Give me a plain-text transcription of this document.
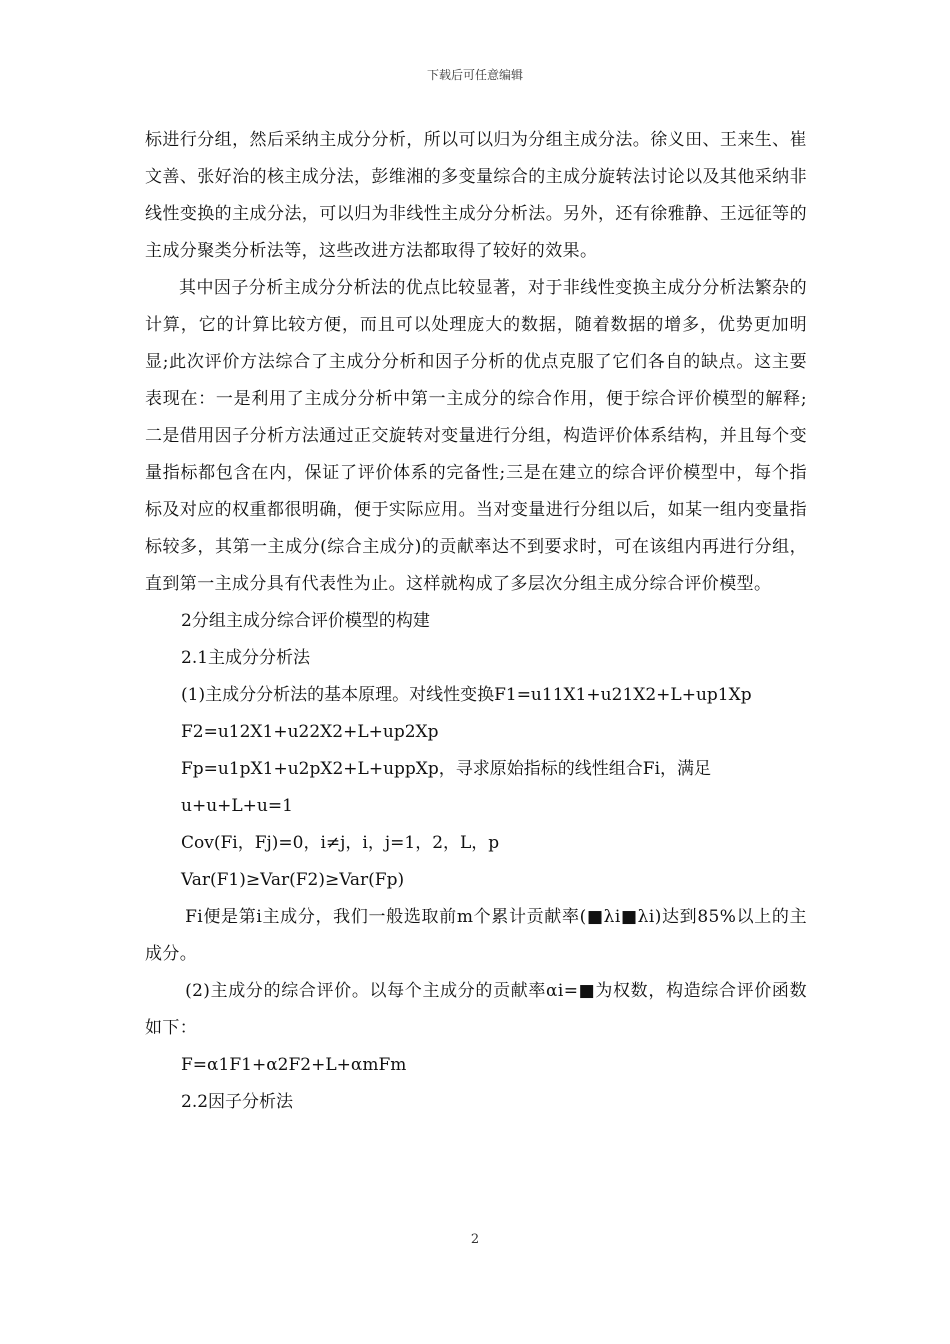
下载后可任意编辑

标进行分组，然后采纳主成分分析，所以可以归为分组主成分法。徐义田、王来生、崔文善、张好治的核主成分法，彭维湘的多变量综合的主成分旋转法讨论以及其他采纳非线性变换的主成分法，可以归为非线性主成分分析法。另外，还有徐雅静、王远征等的主成分聚类分析法等，这些改进方法都取得了较好的效果。

其中因子分析主成分分析法的优点比较显著，对于非线性变换主成分分析法繁杂的计算，它的计算比较方便，而且可以处理庞大的数据，随着数据的增多，优势更加明显;此次评价方法综合了主成分分析和因子分析的优点克服了它们各自的缺点。这主要表现在：一是利用了主成分分析中第一主成分的综合作用，便于综合评价模型的解释;二是借用因子分析方法通过正交旋转对变量进行分组，构造评价体系结构，并且每个变量指标都包含在内，保证了评价体系的完备性;三是在建立的综合评价模型中，每个指标及对应的权重都很明确，便于实际应用。当对变量进行分组以后，如某一组内变量指标较多，其第一主成分(综合主成分)的贡献率达不到要求时，可在该组内再进行分组，直到第一主成分具有代表性为止。这样就构成了多层次分组主成分综合评价模型。

2分组主成分综合评价模型的构建

2.1主成分分析法

(1)主成分分析法的基本原理。对线性变换F1=u11X1+u21X2+L+up1Xp

F2=u12X1+u22X2+L+up2Xp

Fp=u1pX1+u2pX2+L+uppXp，寻求原始指标的线性组合Fi，满足

u+u+L+u=1

Cov(Fi，Fj)=0，i≠j，i，j=1，2，L，p

Var(F1)≥Var(F2)≥Var(Fp)

Fi便是第i主成分，我们一般选取前m个累计贡献率(■λi■λi)达到85%以上的主成分。

(2)主成分的综合评价。以每个主成分的贡献率αi=■为权数，构造综合评价函数如下：

F=α1F1+α2F2+L+αmFm

2.2因子分析法

2
